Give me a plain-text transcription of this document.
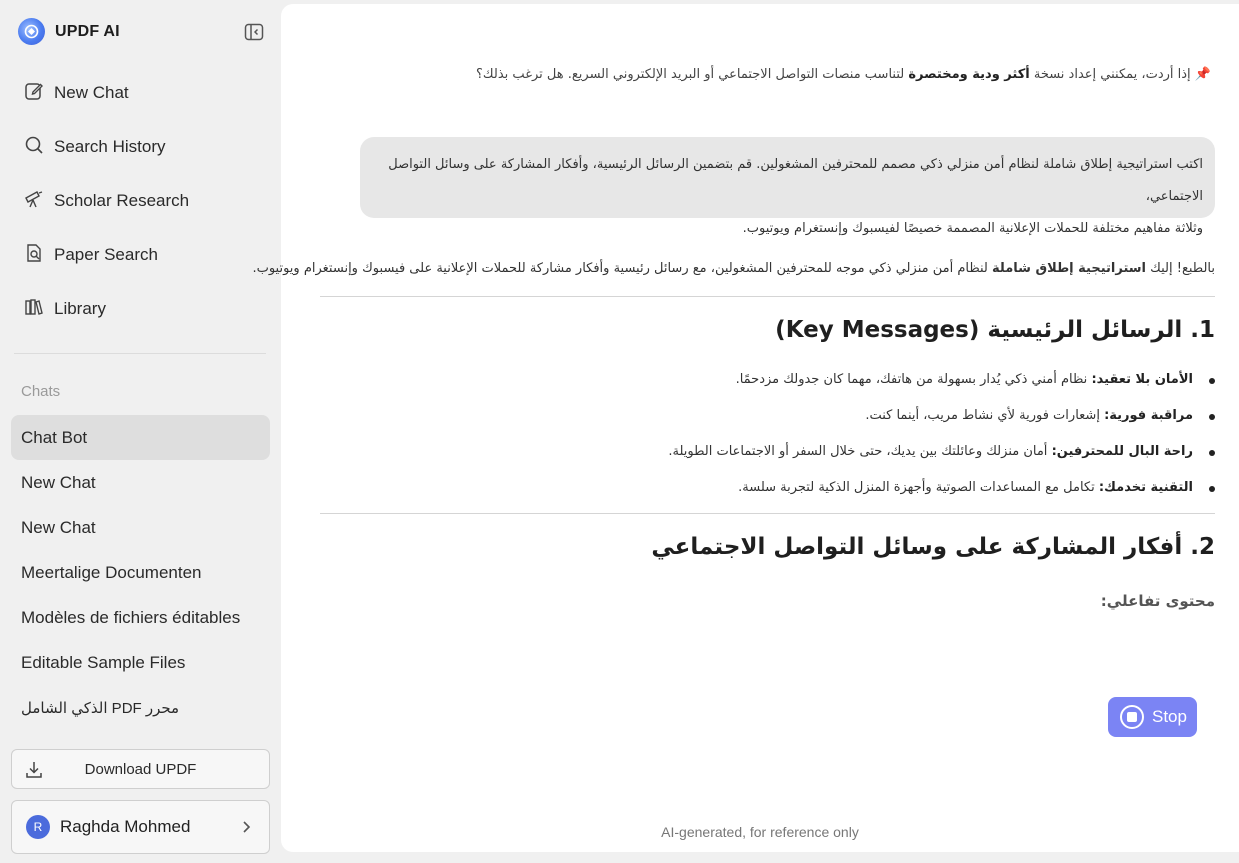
UPDF AI
New Chat
Search History
Scholar Research
Paper Search
Library
Chats
Chat Bot
New Chat
New Chat
Meertalige Documenten
Modèles de fichiers éditables
Editable Sample Files
الذكي الشامل PDF محرر
Download UPDF
R	Raghda Mohmed
📌 إذا أردت، يمكنني إعداد نسخة أكثر ودية ومختصرة لتناسب منصات التواصل الاجتماعي أو البريد الإلكتروني السريع. هل ترغب بذلك؟
اكتب استراتيجية إطلاق شاملة لنظام أمن منزلي ذكي مصمم للمحترفين المشغولين. قم بتضمين الرسائل الرئيسية، وأفكار المشاركة على وسائل التواصل الاجتماعي،
وثلاثة مفاهيم مختلفة للحملات الإعلانية المصممة خصيصًا لفيسبوك وإنستغرام ويوتيوب.
بالطبع! إليك استراتيجية إطلاق شاملة لنظام أمن منزلي ذكي موجه للمحترفين المشغولين، مع رسائل رئيسية وأفكار مشاركة للحملات الإعلانية على فيسبوك وإنستغرام ويوتيوب.
1. الرسائل الرئيسية (Key Messages)
الأمان بلا تعقيد: نظام أمني ذكي يُدار بسهولة من هاتفك، مهما كان جدولك مزدحمًا.
مراقبة فورية: إشعارات فورية لأي نشاط مريب، أينما كنت.
راحة البال للمحترفين: أمان منزلك وعائلتك بين يديك، حتى خلال السفر أو الاجتماعات الطويلة.
التقنية تخدمك: تكامل مع المساعدات الصوتية وأجهزة المنزل الذكية لتجربة سلسة.
2. أفكار المشاركة على وسائل التواصل الاجتماعي
محتوى تفاعلي:
Stop
AI-generated, for reference only
